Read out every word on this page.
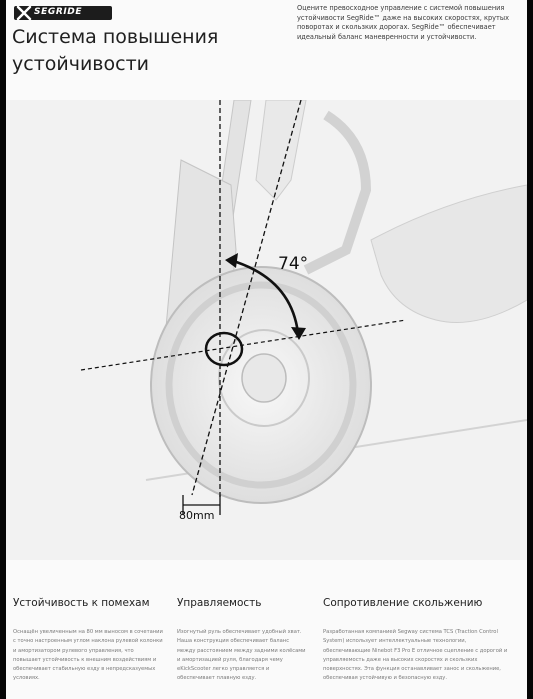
SEGRIDE
Система повышения
устойчивости
Оцените превосходное управление с системой повышения устойчивости SegRide™ даже на высоких скоростях, крутых поворотах и скользких дорогах. SegRide™ обеспечивает идеальный баланс маневренности и устойчивости.
74°
80mm
Устойчивость к помехам

Оснащён увеличенным на 80 мм выносом в сочетании с точно настроенным углом наклона рулевой колонки и амортизатором рулевого управления, что повышает устойчивость к внешним воздействиям и обеспечивает стабильную езду в непредсказуемых условиях.

Управляемость

Изогнутый руль обеспечивает удобный хват. Наша конструкция обеспечивает баланс между расстоянием между задними колёсами и амортизацией руля, благодаря чему eKickScooter легко управляется и обеспечивает плавную езду.

Сопротивление скольжению

Разработанная компанией Segway система TCS (Traction Control System) использует интеллектуальные технологии, обеспечивающие Ninebot F3 Pro E отличное сцепление с дорогой и управляемость даже на высоких скоростях и скользких поверхностях. Эта функция останавливает занос и скольжение, обеспечивая устойчивую и безопасную езду.
